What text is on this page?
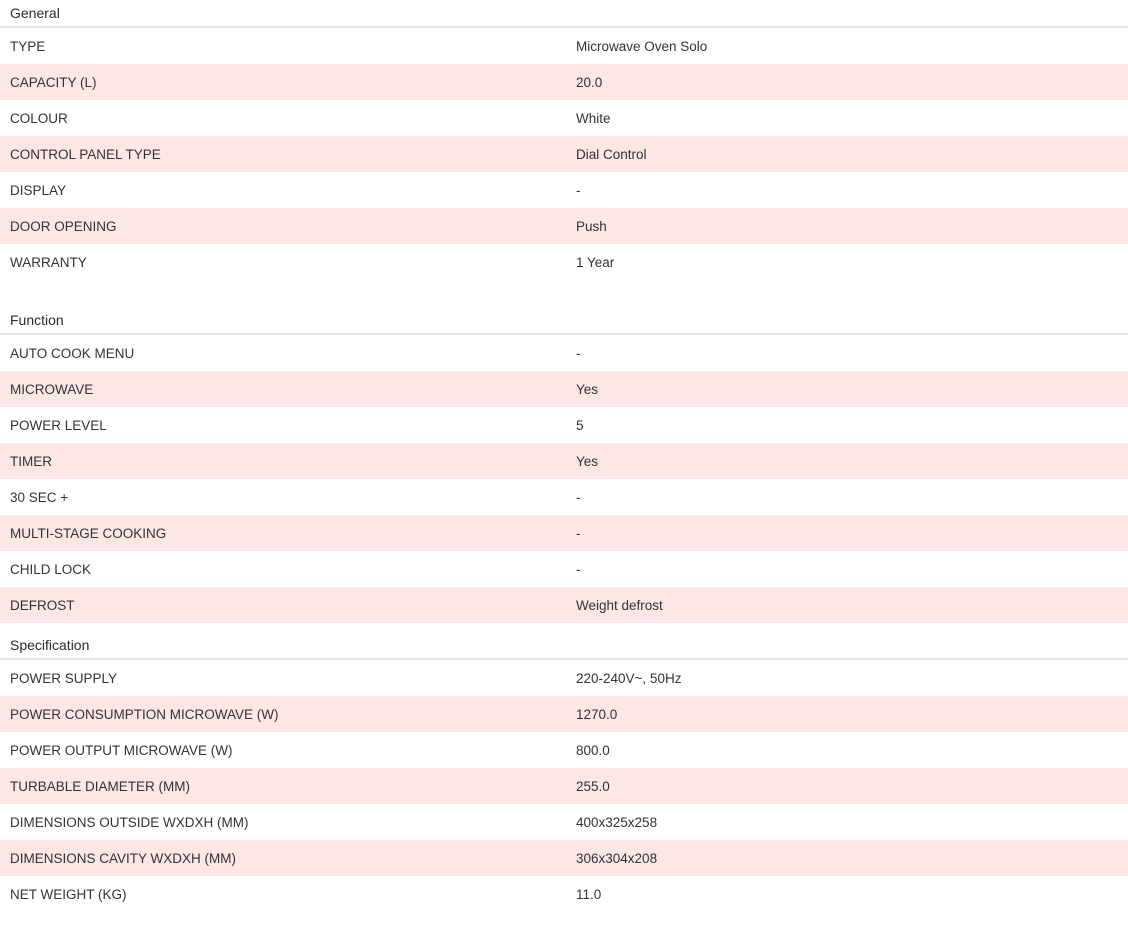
General
TYPE	Microwave Oven Solo
CAPACITY (L)	20.0
COLOUR	White
CONTROL PANEL TYPE	Dial Control
DISPLAY	-
DOOR OPENING	Push
WARRANTY	1 Year
Function
AUTO COOK MENU	-
MICROWAVE	Yes
POWER LEVEL	5
TIMER	Yes
30 SEC +	-
MULTI-STAGE COOKING	-
CHILD LOCK	-
DEFROST	Weight defrost
Specification
POWER SUPPLY	220-240V~, 50Hz
POWER CONSUMPTION MICROWAVE (W)	1270.0
POWER OUTPUT MICROWAVE (W)	800.0
TURBABLE DIAMETER (MM)	255.0
DIMENSIONS OUTSIDE WXDXH (MM)	400x325x258
DIMENSIONS CAVITY WXDXH (MM)	306x304x208
NET WEIGHT (KG)	11.0
